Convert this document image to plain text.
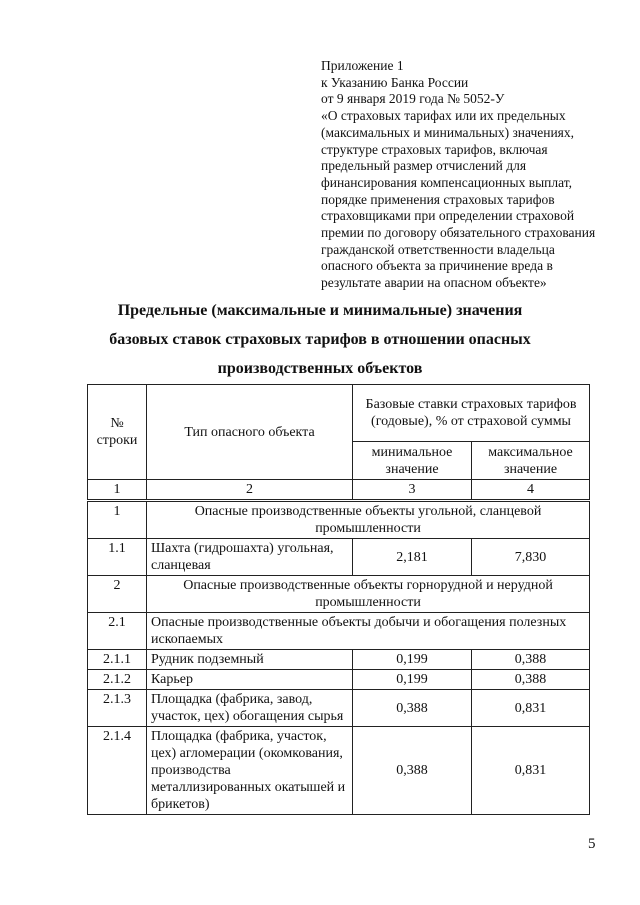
Приложение 1
к Указанию Банка России
от 9 января 2019 года № 5052-У
«О страховых тарифах или их предельных
(максимальных и минимальных) значениях,
структуре страховых тарифов, включая
предельный размер отчислений для
финансирования компенсационных выплат,
порядке применения страховых тарифов
страховщиками при определении страховой
премии по договору обязательного страхования
гражданской ответственности владельца
опасного объекта за причинение вреда в
результате аварии на опасном объекте»
Предельные (максимальные и минимальные) значения
базовых ставок страховых тарифов в отношении опасных
производственных объектов
№ строки	Тип опасного объекта	Базовые ставки страховых тарифов (годовые), % от страховой суммы	
		минимальное значение	максимальное значение
1	2	3	4
1	Опасные производственные объекты угольной, сланцевой промышленности		
1.1	Шахта (гидрошахта) угольная, сланцевая	2,181	7,830
2	Опасные производственные объекты горнорудной и нерудной промышленности		
2.1	Опасные производственные объекты добычи и обогащения полезных ископаемых		
2.1.1	Рудник подземный	0,199	0,388
2.1.2	Карьер	0,199	0,388
2.1.3	Площадка (фабрика, завод, участок, цех) обогащения сырья	0,388	0,831
2.1.4	Площадка (фабрика, участок, цех) агломерации (окомкования, производства металлизированных окатышей и брикетов)	0,388	0,831
5
